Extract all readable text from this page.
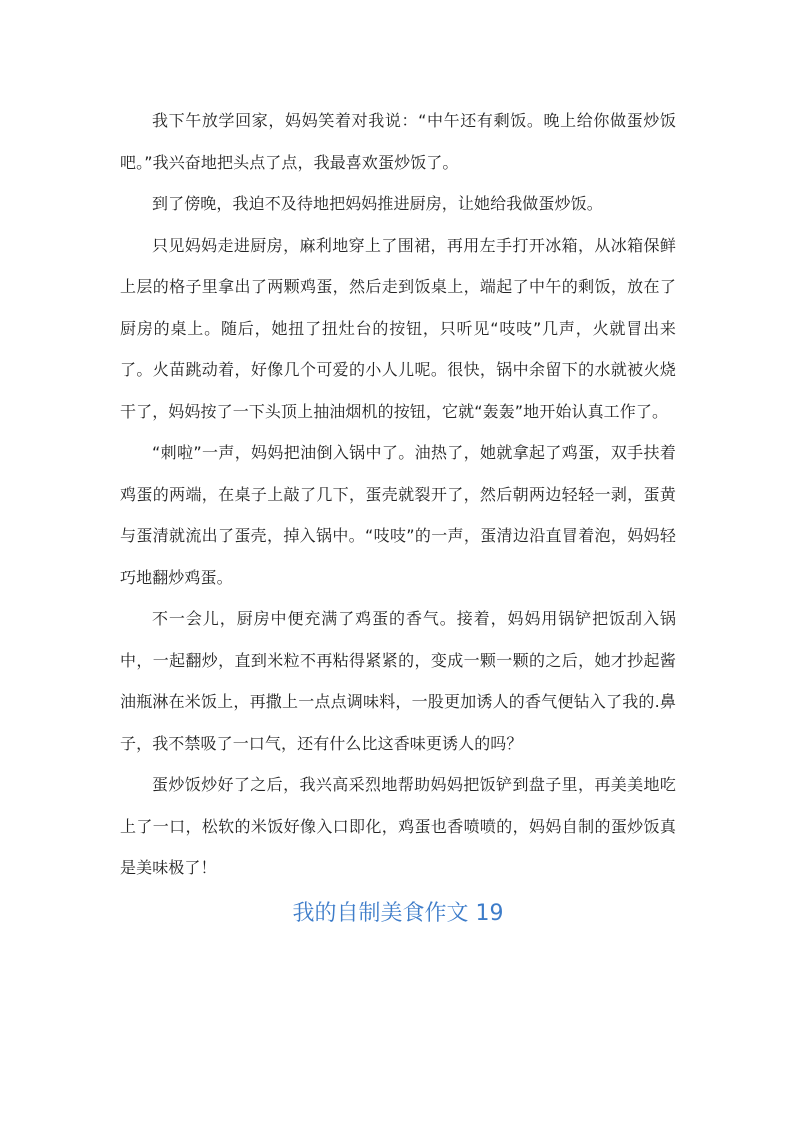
我下午放学回家，妈妈笑着对我说：“中午还有剩饭。晚上给你做蛋炒饭吧。”我兴奋地把头点了点，我最喜欢蛋炒饭了。

到了傍晚，我迫不及待地把妈妈推进厨房，让她给我做蛋炒饭。

只见妈妈走进厨房，麻利地穿上了围裙，再用左手打开冰箱，从冰箱保鲜上层的格子里拿出了两颗鸡蛋，然后走到饭桌上，端起了中午的剩饭，放在了厨房的桌上。随后，她扭了扭灶台的按钮，只听见“吱吱”几声，火就冒出来了。火苗跳动着，好像几个可爱的小人儿呢。很快，锅中余留下的水就被火烧干了，妈妈按了一下头顶上抽油烟机的按钮，它就“轰轰”地开始认真工作了。

“刺啦”一声，妈妈把油倒入锅中了。油热了，她就拿起了鸡蛋，双手扶着鸡蛋的两端，在桌子上敲了几下，蛋壳就裂开了，然后朝两边轻轻一剥，蛋黄与蛋清就流出了蛋壳，掉入锅中。“吱吱”的一声，蛋清边沿直冒着泡，妈妈轻巧地翻炒鸡蛋。

不一会儿，厨房中便充满了鸡蛋的香气。接着，妈妈用锅铲把饭刮入锅中，一起翻炒，直到米粒不再粘得紧紧的，变成一颗一颗的之后，她才抄起酱油瓶淋在米饭上，再撒上一点点调味料，一股更加诱人的香气便钻入了我的.鼻子，我不禁吸了一口气，还有什么比这香味更诱人的吗？

蛋炒饭炒好了之后，我兴高采烈地帮助妈妈把饭铲到盘子里，再美美地吃上了一口，松软的米饭好像入口即化，鸡蛋也香喷喷的，妈妈自制的蛋炒饭真是美味极了！

我的自制美食作文 19
